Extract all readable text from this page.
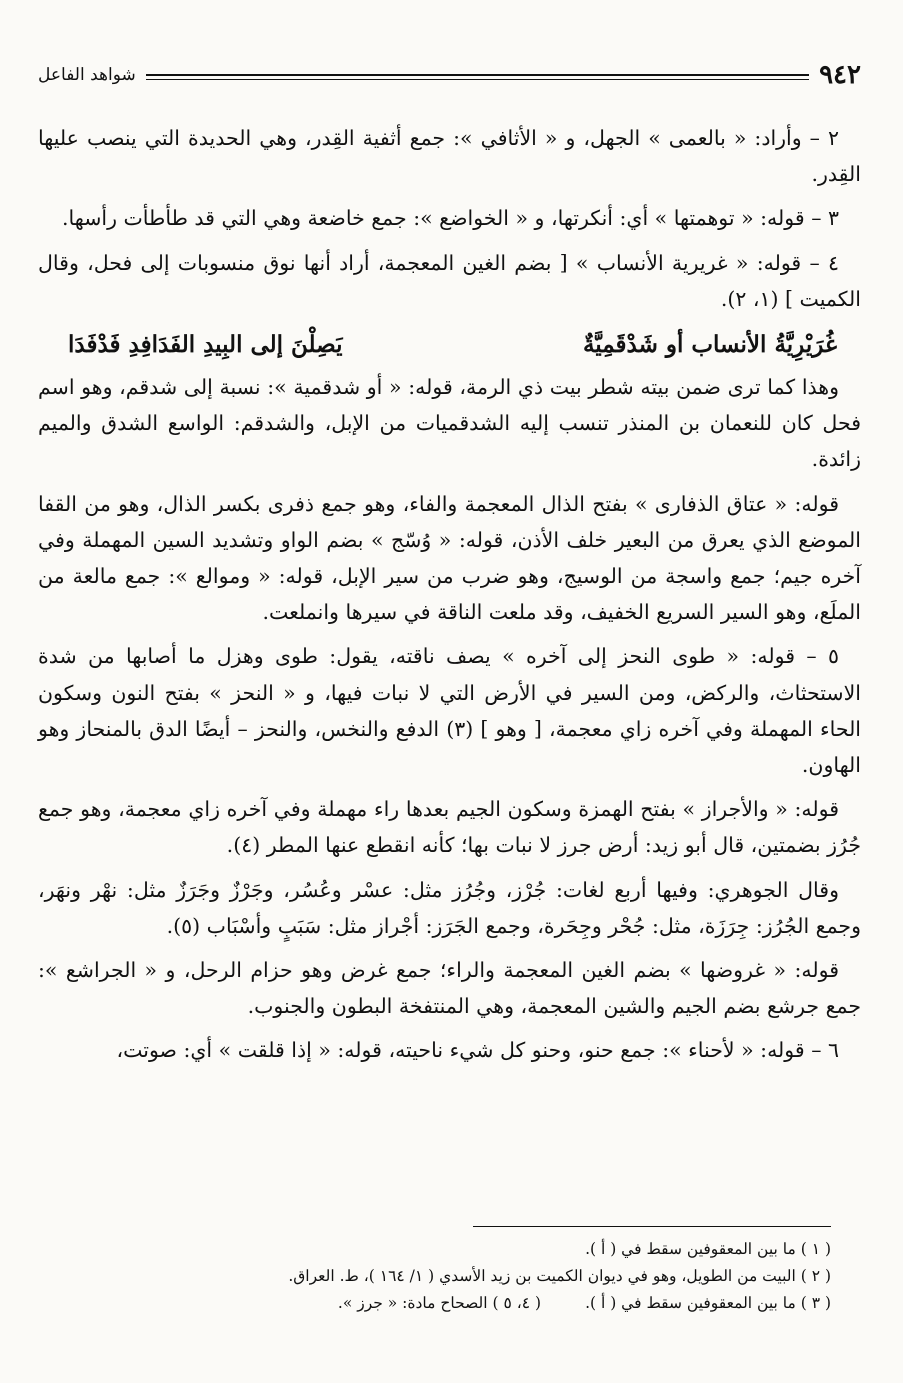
٩٤٢
شواهد الفاعل

٢ – وأراد: « بالعمى » الجهل، و « الأثافي »: جمع أثفية القِدر، وهي الحديدة التي ينصب عليها القِدر.

٣ – قوله: « توهمتها » أي: أنكرتها، و « الخواضع »: جمع خاضعة وهي التي قد طأطأت رأسها.

٤ – قوله: « غريرية الأنساب » [ بضم الغين المعجمة، أراد أنها نوق منسوبات إلى فحل، وقال الكميت ] (١، ٢).

غُرَيْرِيَّةُ الأنساب أو شَدْقَمِيَّةٌ
يَصِلْنَ إلى البِيدِ الفَدَافِدِ فَدْفَدَا

وهذا كما ترى ضمن بيته شطر بيت ذي الرمة، قوله: « أو شدقمية »: نسبة إلى شدقم، وهو اسم فحل كان للنعمان بن المنذر تنسب إليه الشدقميات من الإبل، والشدقم: الواسع الشدق والميم زائدة.

قوله: « عتاق الذفارى » بفتح الذال المعجمة والفاء، وهو جمع ذفرى بكسر الذال، وهو من القفا الموضع الذي يعرق من البعير خلف الأذن، قوله: « وُسّج » بضم الواو وتشديد السين المهملة وفي آخره جيم؛ جمع واسجة من الوسيج، وهو ضرب من سير الإبل، قوله: « وموالع »: جمع مالعة من الملَع، وهو السير السريع الخفيف، وقد ملعت الناقة في سيرها وانملعت.

٥ – قوله: « طوى النحز إلى آخره » يصف ناقته، يقول: طوى وهزل ما أصابها من شدة الاستحثاث، والركض، ومن السير في الأرض التي لا نبات فيها، و « النحز » بفتح النون وسكون الحاء المهملة وفي آخره زاي معجمة، [ وهو ] (٣) الدفع والنخس، والنحز – أيضًا الدق بالمنحاز وهو الهاون.

قوله: « والأجراز » بفتح الهمزة وسكون الجيم بعدها راء مهملة وفي آخره زاي معجمة، وهو جمع جُرُز بضمتين، قال أبو زيد: أرض جرز لا نبات بها؛ كأنه انقطع عنها المطر (٤).

وقال الجوهري: وفيها أربع لغات: جُرْز، وجُرُز مثل: عسْر وعُسُر، وجَرْزٌ وجَرَزٌ مثل: نهْر ونهَر، وجمع الجُرُز: جِرَزَة، مثل: جُحْر وجِحَرة، وجمع الجَرَز: أجْراز مثل: سَبَبٍ وأسْبَاب (٥).

قوله: « غروضها » بضم الغين المعجمة والراء؛ جمع غرض وهو حزام الرحل، و « الجراشع »: جمع جرشع بضم الجيم والشين المعجمة، وهي المنتفخة البطون والجنوب.

٦ – قوله: « لأحناء »: جمع حنو، وحنو كل شيء ناحيته، قوله: « إذا قلقت » أي: صوتت،

( ١ ) ما بين المعقوفين سقط في ( أ ).
( ٢ ) البيت من الطويل، وهو في ديوان الكميت بن زيد الأسدي ( ١/ ١٦٤ )، ط. العراق.
( ٣ ) ما بين المعقوفين سقط في ( أ ).
( ٤، ٥ ) الصحاح مادة: « جرز ».
